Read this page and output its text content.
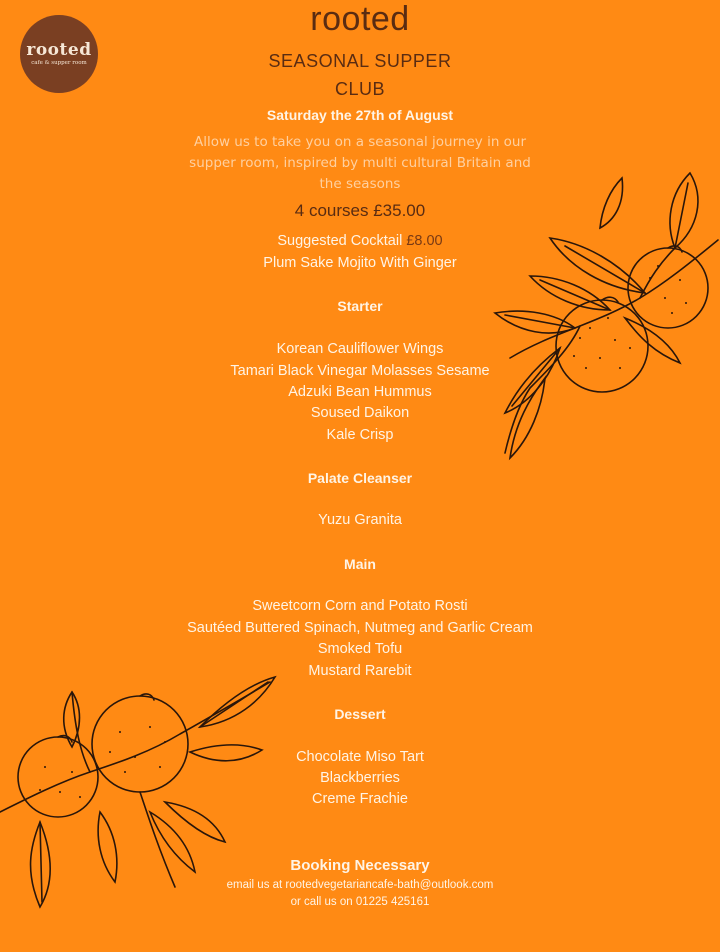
rooted
cafe & supper room
rooted
SEASONAL SUPPER
CLUB
Saturday the 27th of August
Allow us to take you on a seasonal journey in our
supper room, inspired by multi cultural Britain and
the seasons
4 courses £35.00
Suggested Cocktail £8.00
Plum Sake Mojito With Ginger
Starter
Korean Cauliflower Wings
Tamari Black Vinegar Molasses Sesame
Adzuki Bean Hummus
Soused Daikon
Kale Crisp
Palate Cleanser
Yuzu Granita
Main
Sweetcorn Corn and Potato Rosti
Sautéed Buttered Spinach, Nutmeg and Garlic Cream
Smoked Tofu
Mustard Rarebit
Dessert
Chocolate Miso Tart
Blackberries
Creme Frachie
Booking Necessary
email us at rootedvegetariancafe-bath@outlook.com
or call us on 01225 425161
